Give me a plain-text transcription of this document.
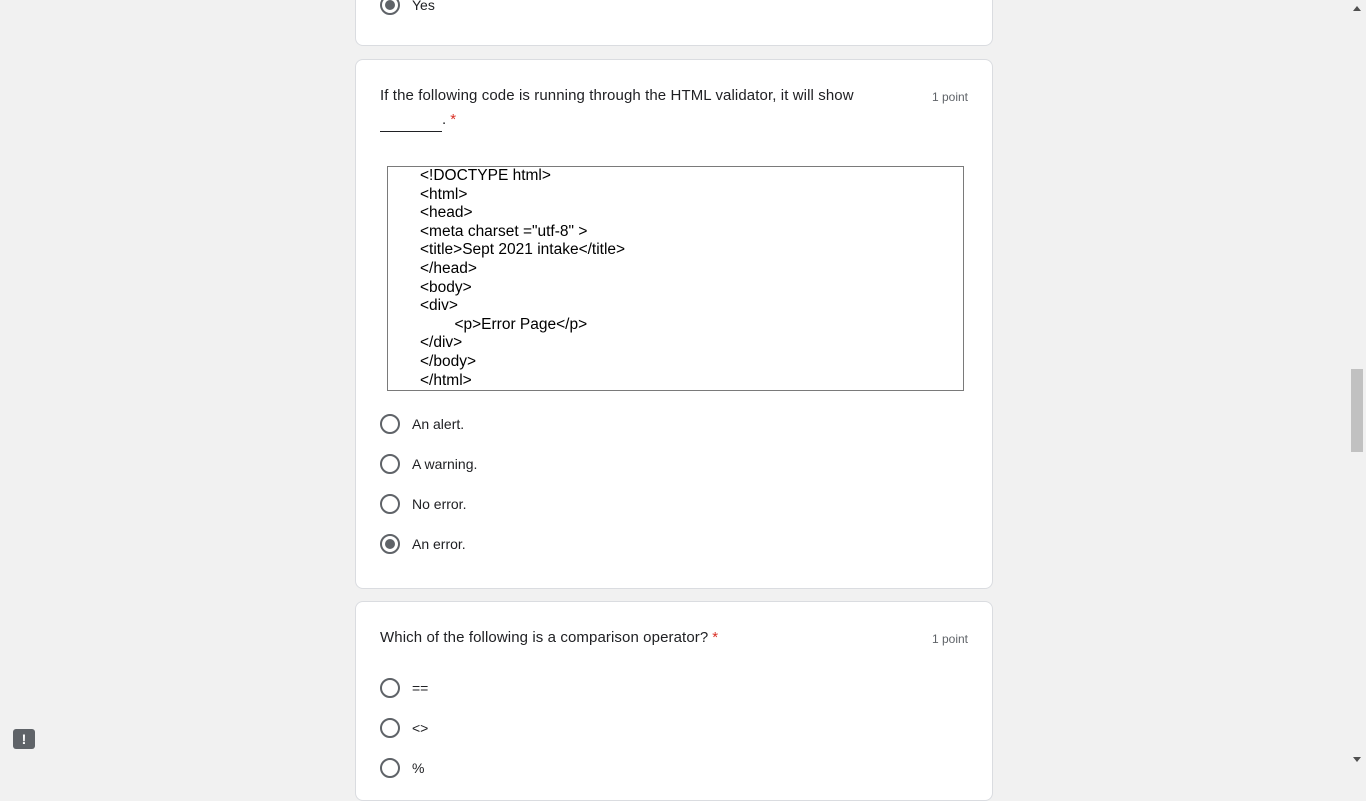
Yes
If the following code is running through the HTML validator, it will show
. *
1 point
<!DOCTYPE html>
<html>
<head>
<meta charset ="utf-8" >
<title>Sept 2021 intake</title>
</head>
<body>
<div>
<p>Error Page</p>
</div>
</body>
</html>
An alert.
A warning.
No error.
An error.
Which of the following is a comparison operator? *	1 point
==
<>
%
!
